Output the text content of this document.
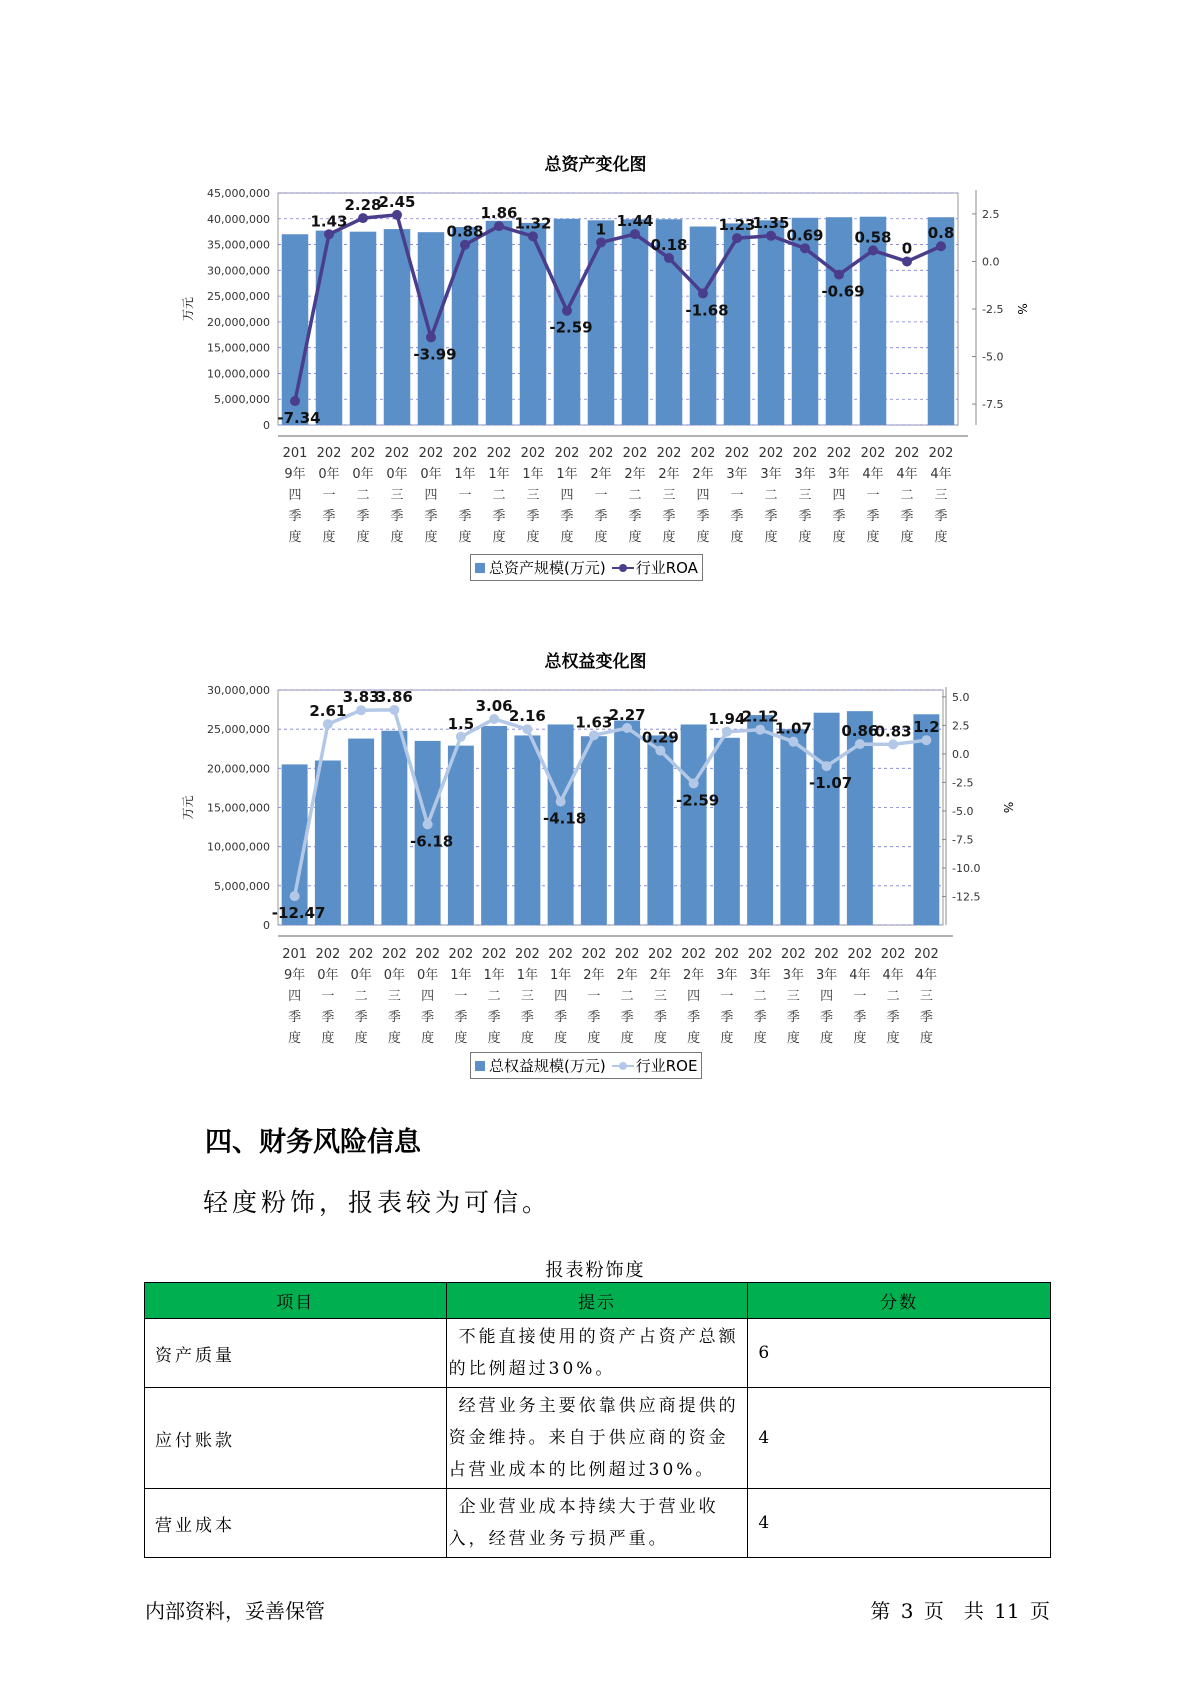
总资产变化图
45,000,000
40,000,000
35,000,000
30,000,000
25,000,000
20,000,000
15,000,000
10,000,000
5,000,000
0
2.5
0.0
-2.5
-5.0
-7.5
万元	%
201
9年
四
季
度
202
0年
一
季
度
202
0年
二
季
度
202
0年
三
季
度
202
0年
四
季
度
202
1年
一
季
度
202
1年
二
季
度
202
1年
三
季
度
202
1年
四
季
度
202
2年
一
季
度
202
2年
二
季
度
202
2年
三
季
度
202
2年
四
季
度
202
3年
一
季
度
202
3年
二
季
度
202
3年
三
季
度
202
3年
四
季
度
202
4年
一
季
度
202
4年
二
季
度
202
4年
三
季
度
-7.34
1.43
2.28
2.45
-3.99
0.88
1.86
1.32
-2.59
1 1.44
0.18
-1.68
1.23
1.35
0.69
-0.69
0.58
0
0.8
总资产规模(万元) 行业ROA
总权益变化图
30,000,000
25,000,000
20,000,000
15,000,000
10,000,000
5,000,000
0
5.0
2.5
0.0
-2.5
-5.0
-7.5
-10.0
-12.5
万元	%
201
9年
四
季
度
202
0年
一
季
度
202
0年
二
季
度
202
0年
三
季
度
202
0年
四
季
度
202
1年
一
季
度
202
1年
二
季
度
202
1年
三
季
度
202
1年
四
季
度
202
2年
一
季
度
202
2年
二
季
度
202
2年
三
季
度
202
2年
四
季
度
202
3年
一
季
度
202
3年
二
季
度
202
3年
三
季
度
202
3年
四
季
度
202
4年
一
季
度
202
4年
二
季
度
202
4年
三
季
度
-12.47
2.61
3.83
3.86
-6.18
1.5
3.06
2.16
-4.18
1.63
2.27
0.29
-2.59
1.94
2.12
1.07
-1.07
0.86
0.83 1.2
总权益规模(万元) 行业ROE
四、财务风险信息
轻度粉饰，报表较为可信。
报表粉饰度
项目	提示	分数
资产质量	不能直接使用的资产占资产总额的比例超过30%。	6
应付账款	经营业务主要依靠供应商提供的资金维持。来自于供应商的资金占营业成本的比例超过30%。	4
营业成本	企业营业成本持续大于营业收入，经营业务亏损严重。	4
内部资料，妥善保管	第 3 页　共 11 页
